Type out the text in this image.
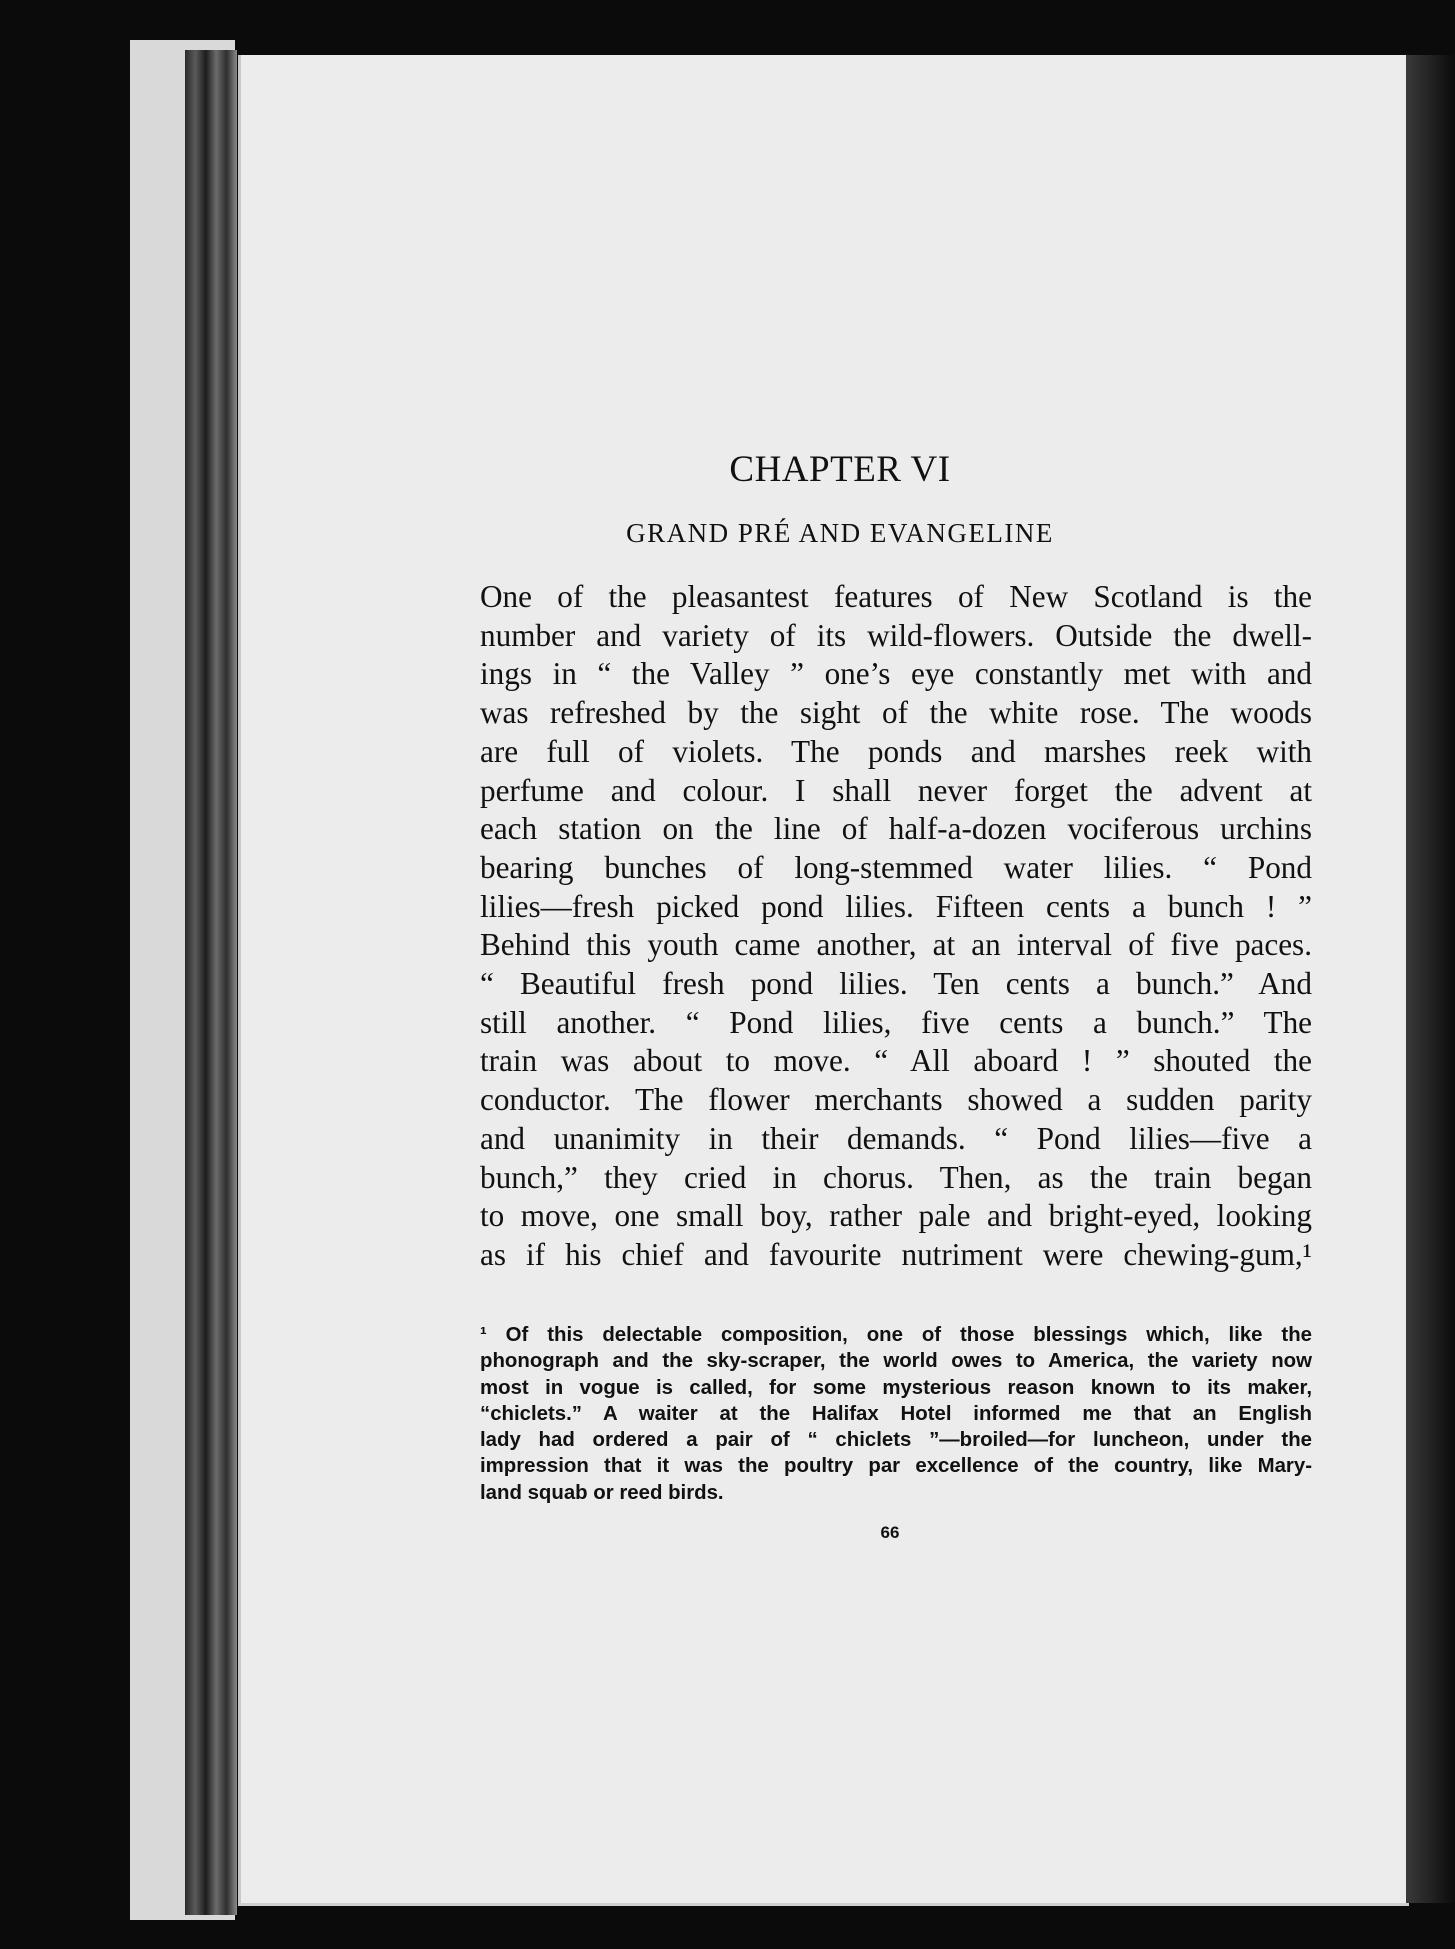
CHAPTER VI
GRAND PRÉ AND EVANGELINE
One of the pleasantest features of New Scotland is the
number and variety of its wild-flowers. Outside the dwell-
ings in “ the Valley ” one’s eye constantly met with and
was refreshed by the sight of the white rose. The woods
are full of violets. The ponds and marshes reek with
perfume and colour. I shall never forget the advent at
each station on the line of half-a-dozen vociferous urchins
bearing bunches of long-stemmed water lilies. “ Pond
lilies—fresh picked pond lilies. Fifteen cents a bunch ! ”
Behind this youth came another, at an interval of five paces.
“ Beautiful fresh pond lilies. Ten cents a bunch.” And
still another. “ Pond lilies, five cents a bunch.” The
train was about to move. “ All aboard ! ” shouted the
conductor. The flower merchants showed a sudden parity
and unanimity in their demands. “ Pond lilies—five a
bunch,” they cried in chorus. Then, as the train began
to move, one small boy, rather pale and bright-eyed, looking
as if his chief and favourite nutriment were chewing-gum,¹
¹ Of this delectable composition, one of those blessings which, like the
phonograph and the sky-scraper, the world owes to America, the variety now
most in vogue is called, for some mysterious reason known to its maker,
“chiclets.” A waiter at the Halifax Hotel informed me that an English
lady had ordered a pair of “ chiclets ”—broiled—for luncheon, under the
impression that it was the poultry par excellence of the country, like Mary-
land squab or reed birds.
66
